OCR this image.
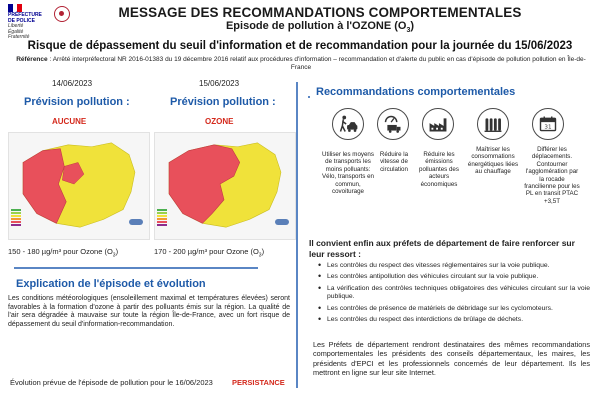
PRÉFECTURE
DE POLICE
Liberté
Égalité
Fraternité
MESSAGE DES RECOMMANDATIONS COMPORTEMENTALES
Episode de pollution à l'OZONE $(O_3)$
Risque de dépassement du seuil d'information et de recommandation pour la journée du 15/06/2023
Référence : Arrêté interpréfectoral NR 2016-01383 du 19 décembre 2016 relatif aux procédures d'information – recommandation et d'alerte du public en cas d'épisode de pollution pollution en Île-de-France
14/06/2023
Prévision pollution :
AUCUNE
150 - 180 µg/m³ pour Ozone $(O_3)$
15/06/2023
Prévision pollution :
OZONE
170 - 200 µg/m³ pour Ozone $(O_3)$
Explication de l'épisode et évolution
Les conditions météorologiques (ensoleillement maximal et températures élevées) seront favorables à la formation d'ozone à partir des polluants émis sur la région. La qualité de l'air sera dégradée à mauvaise sur toute la région Île-de-France, avec un fort risque de dépassement du seuil d'information-recommandation.
Évolution prévue de l'épisode de pollution pour le 16/06/2023	PERSISTANCE
Recommandations comportementales
31
Utiliser les moyens de transports les moins polluants: Vélo, transports en commun, covoiturage
Réduire la vitesse de circulation
Réduire les émissions polluantes des acteurs économiques
Maîtriser les consommations énergétiques liées au chauffage
Différer les déplacements. Contourner l'agglomération par la rocade francilienne pour les PL en transit PTAC +3,5T
Il convient enfin aux préfets de département de faire renforcer sur leur ressort :
• Les contrôles du respect des vitesses réglementaires sur la voie publique.
• Les contrôles antipollution des véhicules circulant sur la voie publique.
• La vérification des contrôles techniques obligatoires des véhicules circulant sur la voie publique.
• Les contrôles de présence de matériels de débridage sur les cyclomoteurs.
• Les contrôles du respect des interdictions de brûlage de déchets.
Les Préfets de département rendront destinataires des mêmes recommandations comportementales les présidents des conseils départementaux, les maires, les présidents d'EPCI et les professionnels concernés de leur département. Ils les mettront en ligne sur leur site Internet.
